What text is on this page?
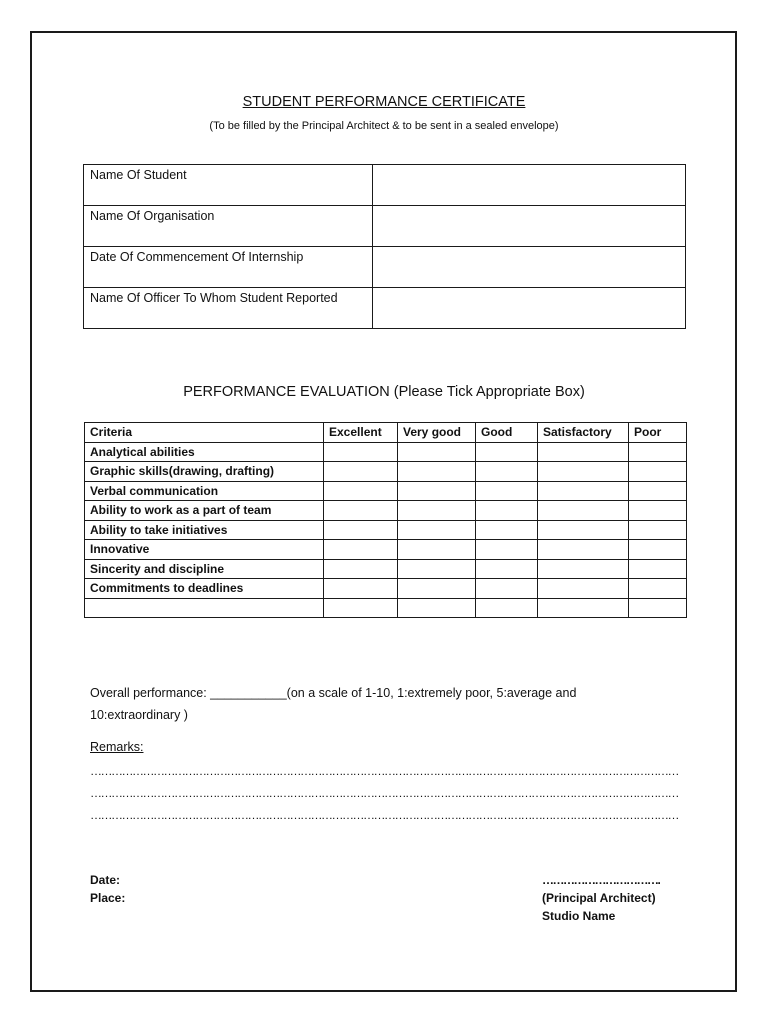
STUDENT PERFORMANCE CERTIFICATE
(To be filled by the Principal Architect & to be sent in a sealed envelope)
Name Of Student	
Name Of Organisation	
Date Of Commencement Of Internship	
Name Of Officer To Whom Student Reported	
PERFORMANCE EVALUATION (Please Tick Appropriate Box)
Criteria	Excellent	Very good	Good	Satisfactory	Poor
Analytical abilities					
Graphic skills(drawing, drafting)					
Verbal communication					
Ability to work as a part of team					
Ability to take initiatives					
Innovative					
Sincerity and discipline					
Commitments to deadlines					

Overall performance: ___________(on a scale of 1-10, 1:extremely poor, 5:average and 10:extraordinary )
Remarks:
……………………………………………………………………………………………………………………………………………………
……………………………………………………………………………………………………………………………………………………
……………………………………………………………………………………………………………………………………………………
Date:
Place:
…………………………….
(Principal Architect)
Studio Name
